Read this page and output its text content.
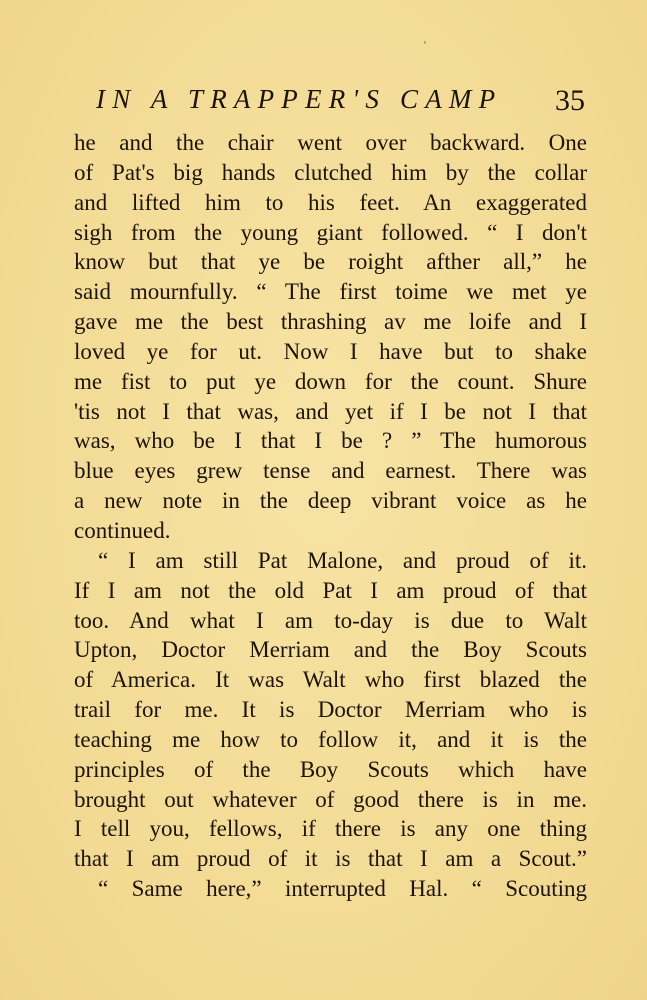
IN A TRAPPER'S CAMP 35
he and the chair went over backward. One
of Pat's big hands clutched him by the collar
and lifted him to his feet. An exaggerated
sigh from the young giant followed. “ I don't
know but that ye be roight afther all,” he
said mournfully. “ The first toime we met ye
gave me the best thrashing av me loife and I
loved ye for ut. Now I have but to shake
me fist to put ye down for the count. Shure
'tis not I that was, and yet if I be not I that
was, who be I that I be ? ” The humorous
blue eyes grew tense and earnest. There was
a new note in the deep vibrant voice as he
continued.
“ I am still Pat Malone, and proud of it.
If I am not the old Pat I am proud of that
too. And what I am to-day is due to Walt
Upton, Doctor Merriam and the Boy Scouts
of America. It was Walt who first blazed the
trail for me. It is Doctor Merriam who is
teaching me how to follow it, and it is the
principles of the Boy Scouts which have
brought out whatever of good there is in me.
I tell you, fellows, if there is any one thing
that I am proud of it is that I am a Scout.”
“ Same here,” interrupted Hal. “ Scouting
